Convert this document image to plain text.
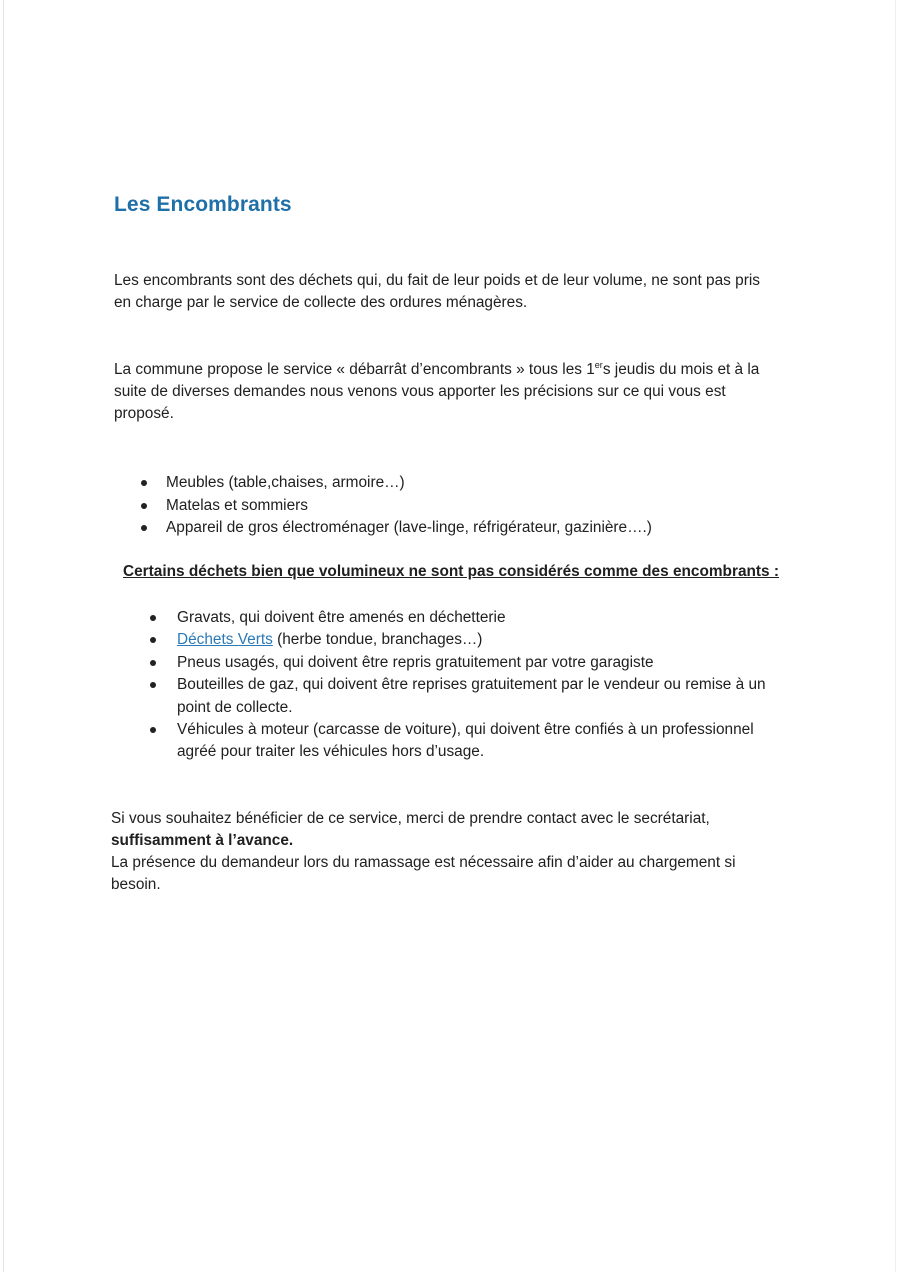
Les Encombrants

Les encombrants sont des déchets qui, du fait de leur poids et de leur volume, ne sont pas pris
en charge par le service de collecte des ordures ménagères.

La commune propose le service « débarrât d’encombrants » tous les 1ers jeudis du mois et à la
suite de diverses demandes nous venons vous apporter les précisions sur ce qui vous est
proposé.

Meubles (table,chaises, armoire…)
Matelas et sommiers
Appareil de gros électroménager (lave-linge, réfrigérateur, gazinière….)

Certains déchets bien que volumineux ne sont pas considérés comme des encombrants :

Gravats, qui doivent être amenés en déchetterie
Déchets Verts (herbe tondue, branchages…)
Pneus usagés, qui doivent être repris gratuitement par votre garagiste
Bouteilles de gaz, qui doivent être reprises gratuitement par le vendeur ou remise à un
point de collecte.
Véhicules à moteur (carcasse de voiture), qui doivent être confiés à un professionnel
agréé pour traiter les véhicules hors d’usage.

Si vous souhaitez bénéficier de ce service, merci de prendre contact avec le secrétariat,
suffisamment à l’avance.
La présence du demandeur lors du ramassage est nécessaire afin d’aider au chargement si
besoin.
